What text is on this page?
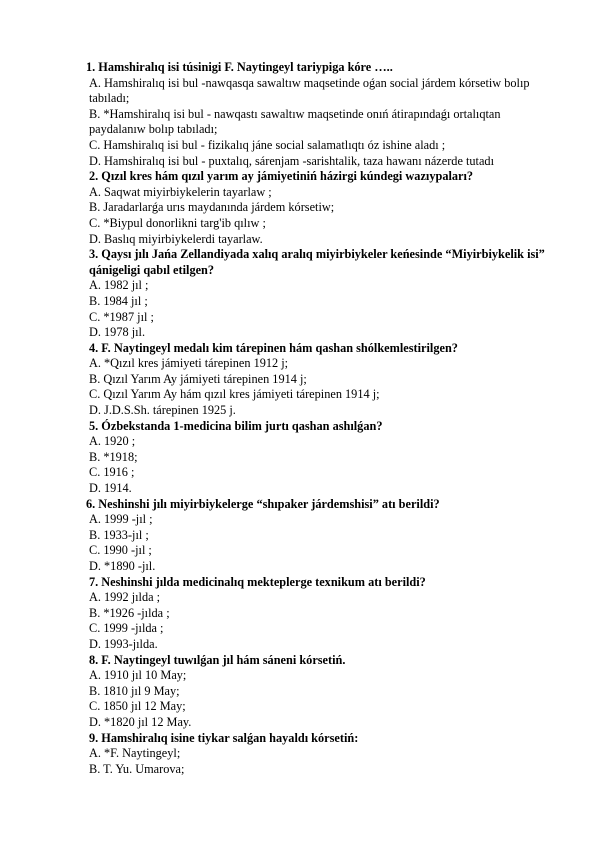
1. Hamshiralıq isi túsinigi F. Naytingeyl tariypiga kóre …..
A. Hamshiralıq isi bul -nawqasqa sawaltıw maqsetinde oǵan social járdem kórsetiw bolıp tabıladı;
B. *Hamshiralıq isi bul - nawqastı sawaltıw maqsetinde onıń átirapındaǵı ortalıqtan paydalanıw bolıp tabıladı;
C. Hamshiralıq isi bul - fizikalıq jáne social salamatlıqtı óz ishine aladı ;
D. Hamshiralıq isi bul - puxtalıq, sárenjam -sarishtalik, taza hawanı názerde tutadı
2. Qızıl kres hám qızıl yarım ay jámiyetiniń házirgi kúndegi wazıypaları?
A. Saqwat miyirbiykelerin tayarlaw ;
B. Jaradarlarǵa urıs maydanında járdem kórsetiw;
C. *Biypul donorlikni targ'ib qılıw ;
D. Baslıq miyirbiykelerdi tayarlaw.
3. Qaysı jılı Jańa Zellandiyada xalıq aralıq miyirbiykeler keńesinde “Miyirbiykelik isi” qánigeligi qabıl etilgen?
A. 1982 jıl ;
B. 1984 jıl ;
C. *1987 jıl ;
D. 1978 jıl.
4. F. Naytingeyl medalı kim tárepinen hám qashan shólkemlestirilgen?
A. *Qızıl kres jámiyeti tárepinen 1912 j;
B. Qızıl Yarım Ay jámiyeti tárepinen 1914 j;
C. Qızıl Yarım Ay hám qızıl kres jámiyeti tárepinen 1914 j;
D. J.D.S.Sh. tárepinen 1925 j.
5. Ózbekstanda 1-medicina bilim jurtı qashan ashılǵan?
A. 1920 ;
B. *1918;
C. 1916 ;
D. 1914.
6. Neshinshi jılı miyirbiykelerge “shıpaker járdemshisi” atı berildi?
A. 1999 -jıl ;
B. 1933-jıl ;
C. 1990 -jıl ;
D. *1890 -jıl.
7. Neshinshi jılda medicinalıq mekteplerge texnikum atı berildi?
A. 1992 jılda ;
B. *1926 -jılda ;
C. 1999 -jılda ;
D. 1993-jılda.
8. F. Naytingeyl tuwılǵan jıl hám sáneni kórsetiń.
A. 1910 jıl 10 May;
B. 1810 jıl 9 May;
C. 1850 jıl 12 May;
D. *1820 jıl 12 May.
9. Hamshiralıq isine tiykar salǵan hayaldı kórsetiń:
A. *F. Naytingeyl;
B. T. Yu. Umarova;
